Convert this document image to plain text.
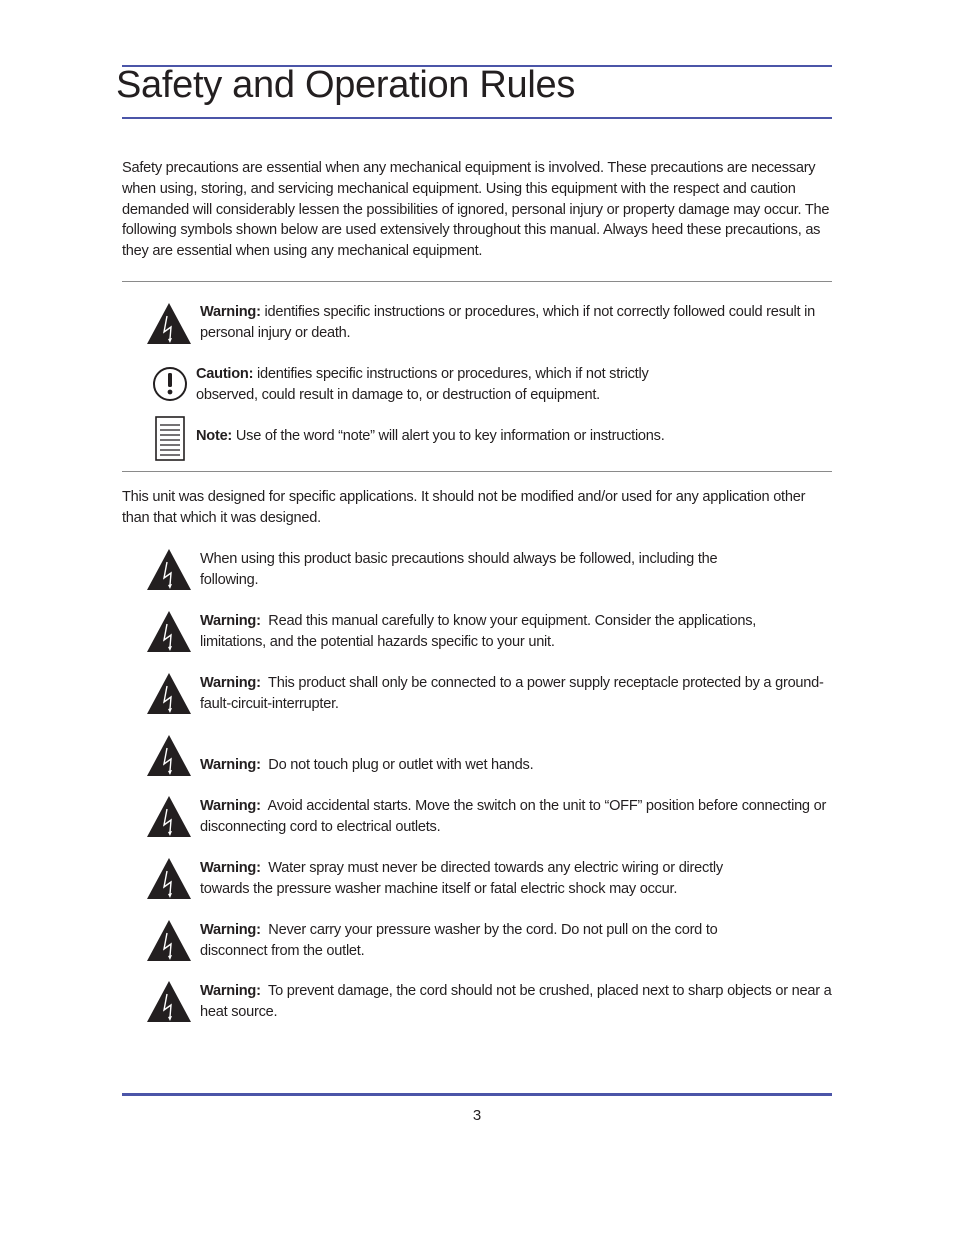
Safety and Operation Rules

Safety precautions are essential when any mechanical equipment is involved. These precautions are necessary when using, storing, and servicing mechanical equipment. Using this equipment with the respect and caution demanded will considerably lessen the possibilities of ignored, personal injury or property damage may occur. The following symbols shown below are used extensively throughout this manual. Always heed these precautions, as they are essential when using any mechanical equipment.

Warning: identifies specific instructions or procedures, which if not correctly followed could result in personal injury or death.
Caution: identifies specific instructions or procedures, which if not strictly observed, could result in damage to, or destruction of equipment.
Note: Use of the word “note” will alert you to key information or instructions.

This unit was designed for specific applications. It should not be modified and/or used for any application other than that which it was designed.

When using this product basic precautions should always be followed, including the following.
Warning:  Read this manual carefully to know your equipment. Consider the applications, limitations, and the potential hazards specific to your unit.
Warning:  This product shall only be connected to a power supply receptacle protected by a ground-fault-circuit-interrupter.
Warning:  Do not touch plug or outlet with wet hands.
Warning:  Avoid accidental starts. Move the switch on the unit to “OFF” position before connecting or disconnecting cord to electrical outlets.
Warning:  Water spray must never be directed towards any electric wiring or directly towards the pressure washer machine itself or fatal electric shock may occur.
Warning:  Never carry your pressure washer by the cord. Do not pull on the cord to disconnect from the outlet.
Warning:  To prevent damage, the cord should not be crushed, placed next to sharp objects or near a heat source.
3
